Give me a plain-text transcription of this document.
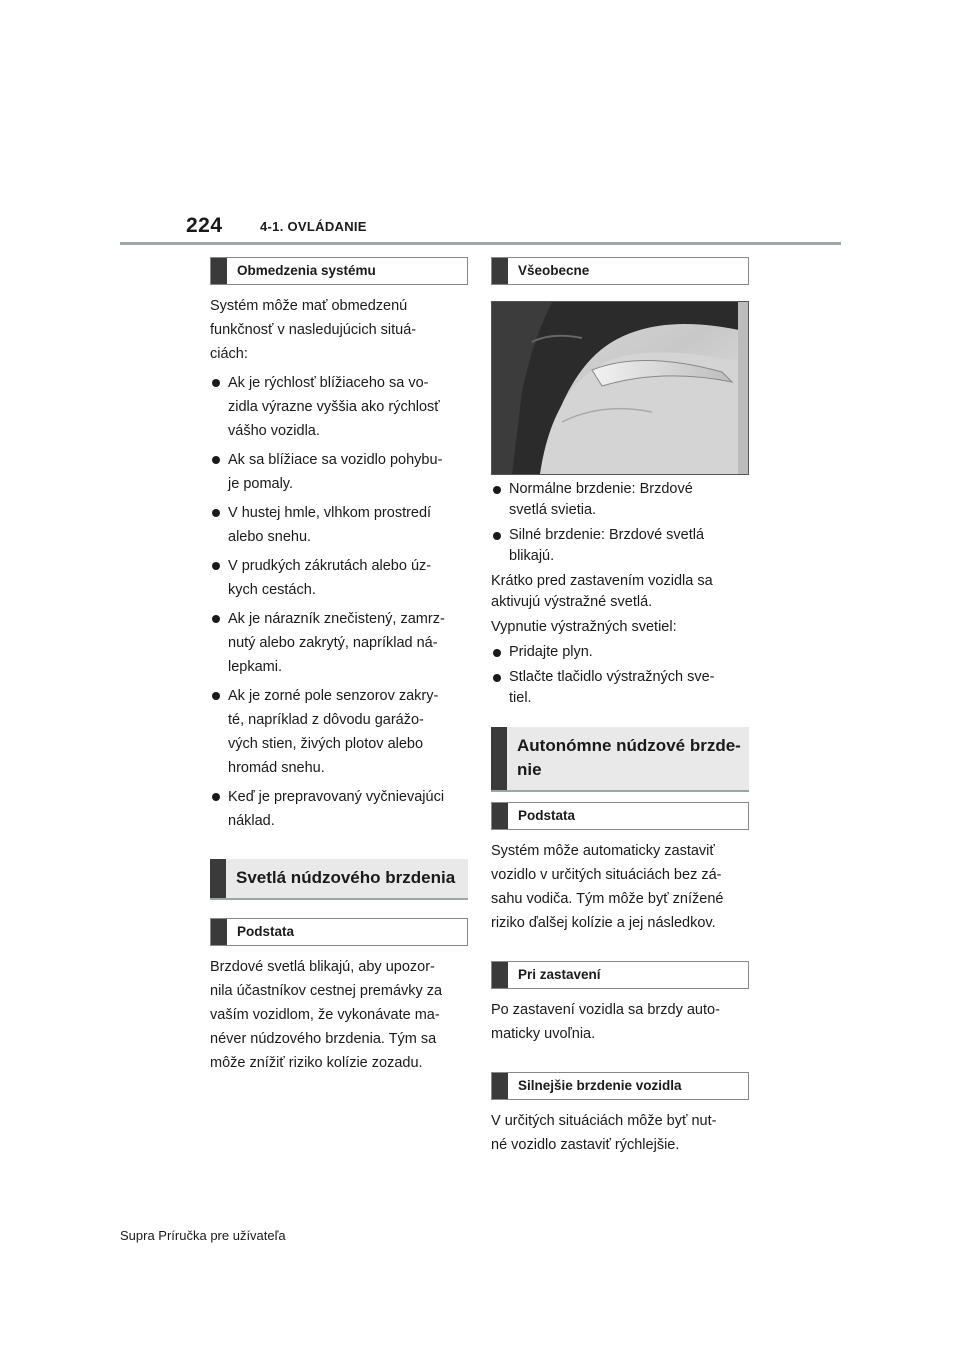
224	4-1. OVLÁDANIE
Obmedzenia systému

Systém môže mať obmedzenú
funkčnosť v nasledujúcich situá-
ciách:

Ak je rýchlosť blížiaceho sa vo-
zidla výrazne vyššia ako rýchlosť
vášho vozidla.
Ak sa blížiace sa vozidlo pohybu-
je pomaly.
V hustej hmle, vlhkom prostredí
alebo snehu.
V prudkých zákrutách alebo úz-
kych cestách.
Ak je nárazník znečistený, zamrz-
nutý alebo zakrytý, napríklad ná-
lepkami.
Ak je zorné pole senzorov zakry-
té, napríklad z dôvodu garážo-
vých stien, živých plotov alebo
hromád snehu.
Keď je prepravovaný vyčnievajúci
náklad.
Svetlá núdzového brzdenia
Podstata

Brzdové svetlá blikajú, aby upozor-
nila účastníkov cestnej premávky za
vaším vozidlom, že vykonávate ma-
néver núdzového brzdenia. Tým sa
môže znížiť riziko kolízie zozadu.

Všeobecne
Normálne brzdenie: Brzdové
svetlá svietia.
Silné brzdenie: Brzdové svetlá
blikajú.

Krátko pred zastavením vozidla sa
aktivujú výstražné svetlá.

Vypnutie výstražných svetiel:

Pridajte plyn.
Stlačte tlačidlo výstražných sve-
tiel.
Autonómne núdzové brzde-
nie
Podstata

Systém môže automaticky zastaviť
vozidlo v určitých situáciách bez zá-
sahu vodiča. Tým môže byť znížené
riziko ďalšej kolízie a jej následkov.

Pri zastavení

Po zastavení vozidla sa brzdy auto-
maticky uvoľnia.

Silnejšie brzdenie vozidla

V určitých situáciách môže byť nut-
né vozidlo zastaviť rýchlejšie.

Supra Príručka pre užívateľa
